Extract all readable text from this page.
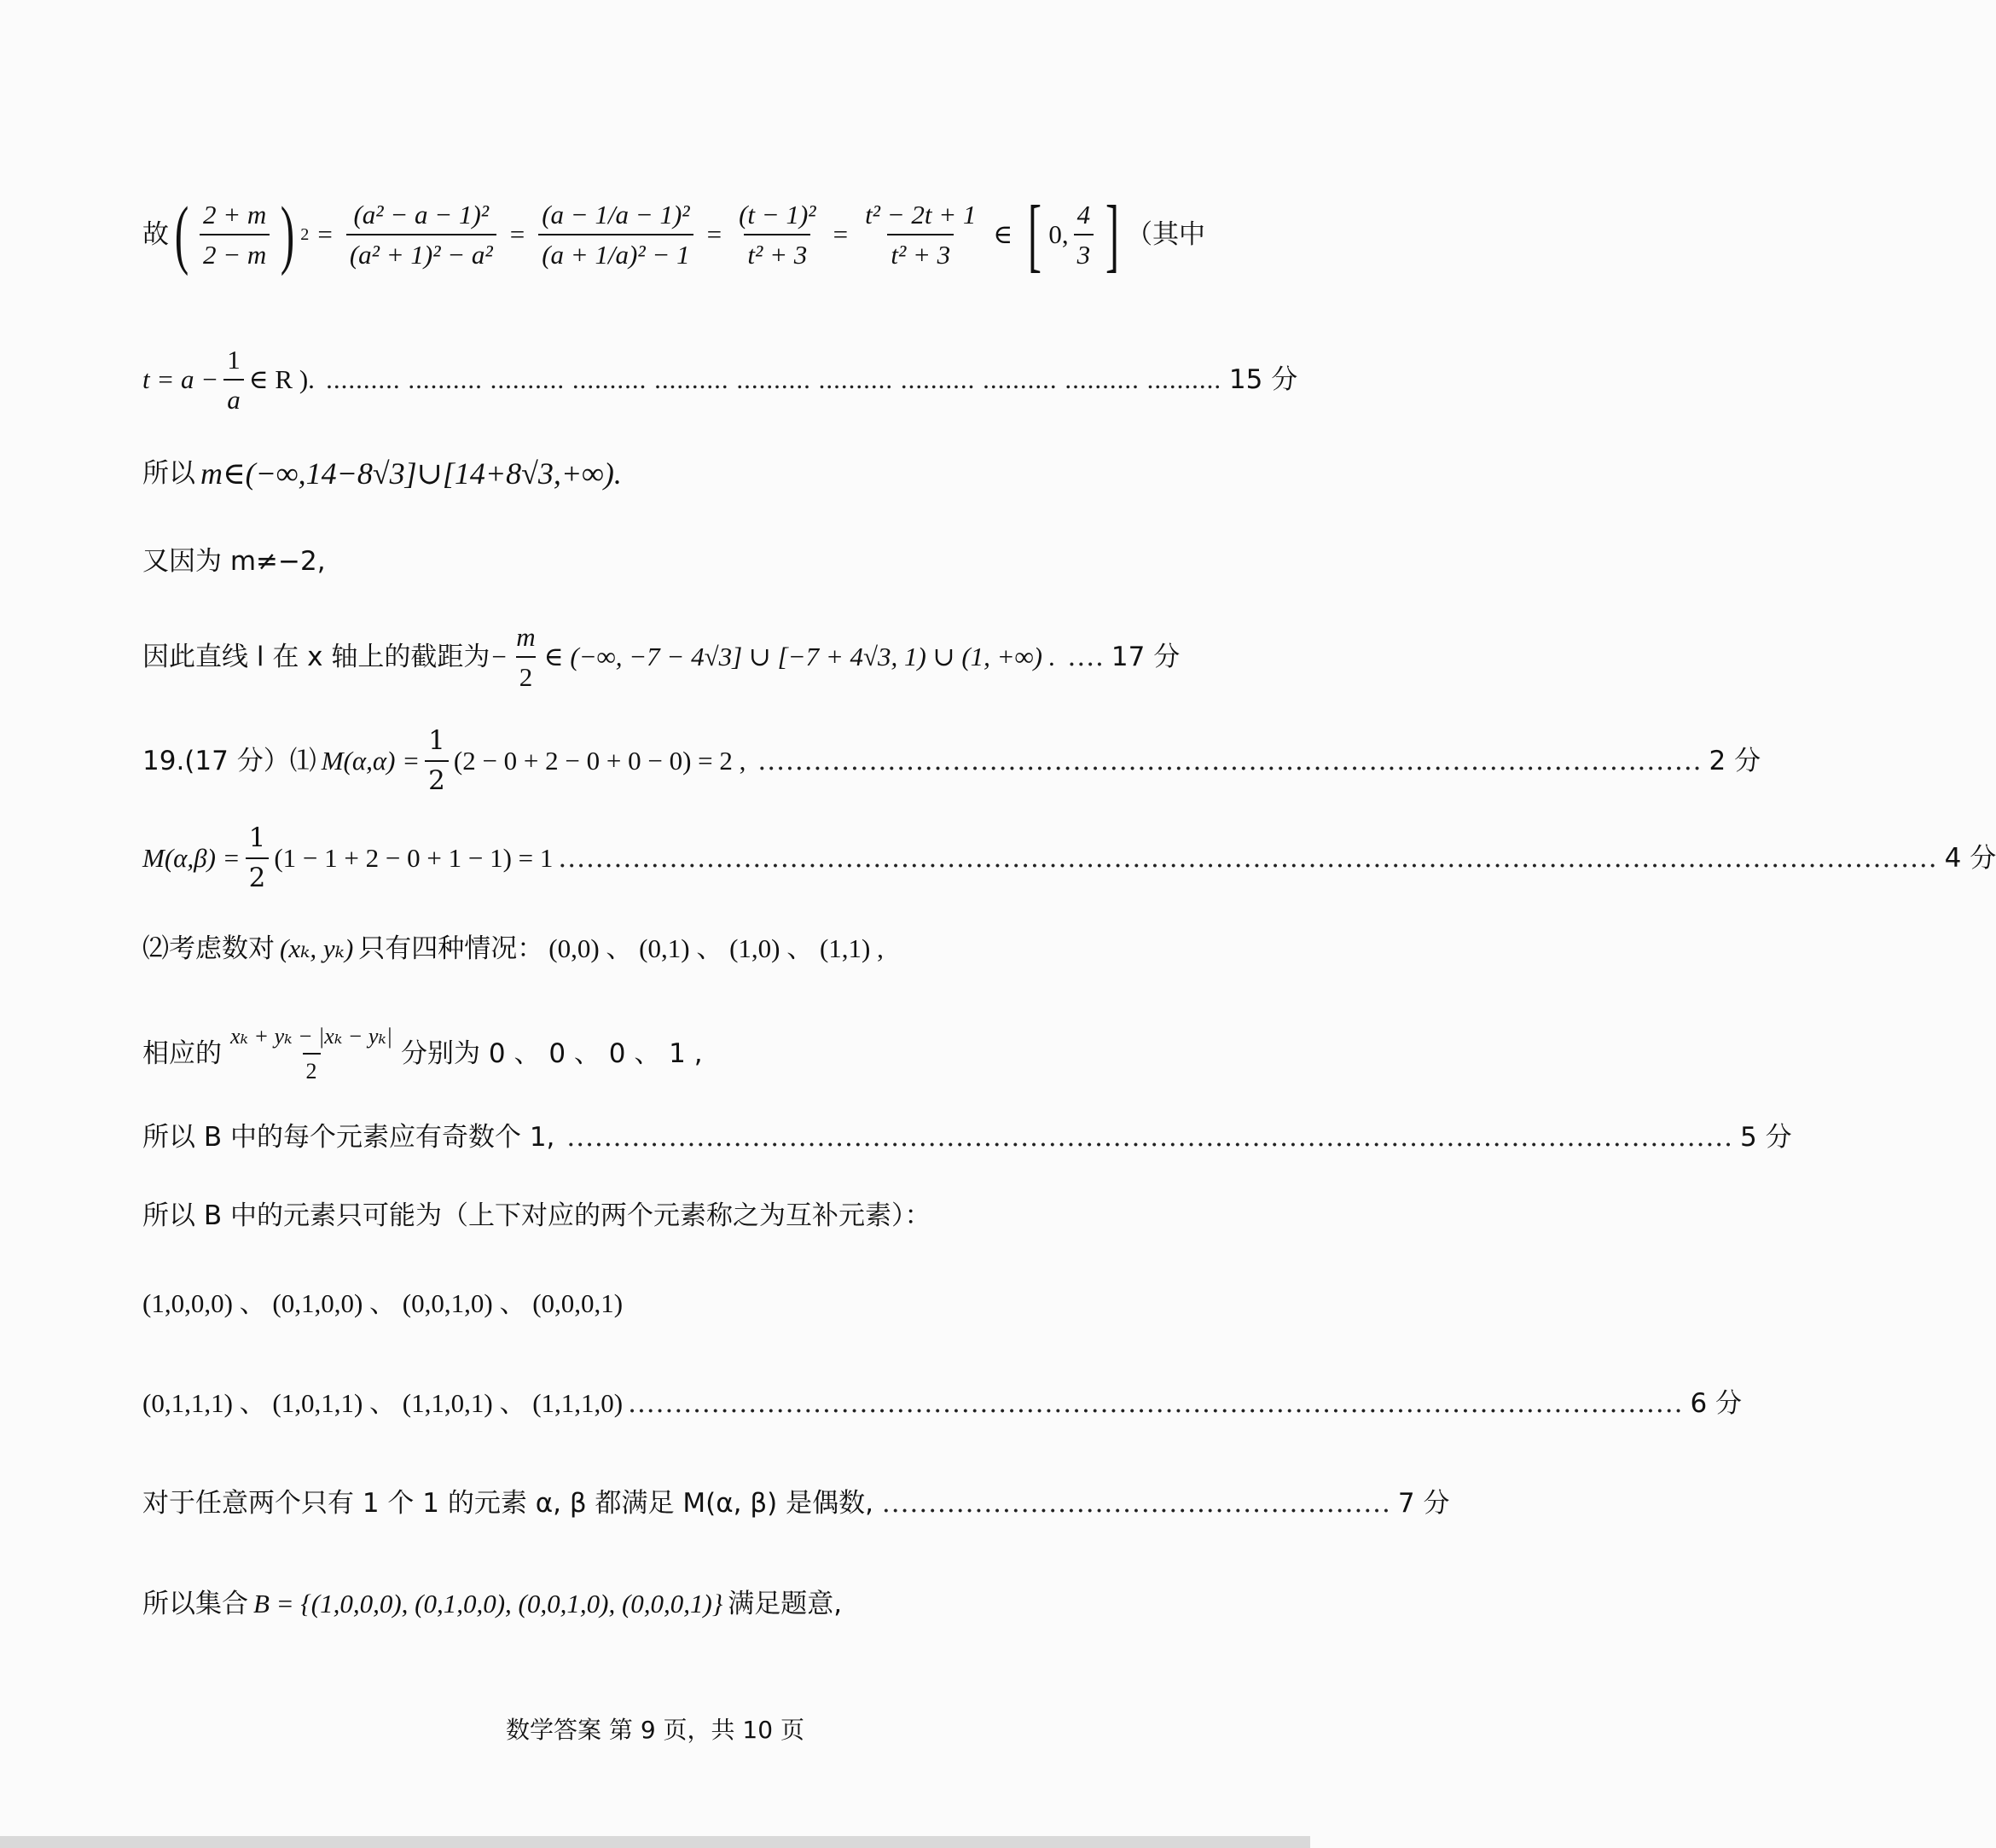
故 ( $\frac{2 + m}{2 - m}$ ) $2 = \frac{\text{(a² − a − 1)²}}{\text{(a² + 1)² − a²}} = \frac{\text{(a − 1/a − 1)²}}{\text{(a + 1/a)² − 1}} = \frac{\text{(t − 1)²}}{\text{t² + 3}} = \frac{\text{t² − 2t + 1}}{\text{t² + 3}}$ ∈ [ 0, $\frac{4}{3}$ ] （其中
$t = a - \frac{1}{a}$ ∈ R ). .......... .......... .......... .......... .......... .......... .......... .......... .......... .......... .......... 15 分
所以 m∈(−∞,14−8√3]∪[14+8√3,+∞).
又因为 m≠−2,
因此直线 l 在 x 轴上的截距为 − $\frac{m}{2}$ ∈ (−∞, −7 − 4√3] ∪ [−7 + 4√3, 1) ∪ (1, +∞) . .... 17 分
19.(17 分）⑴ $M(\alpha,\alpha) = \frac{1}{2} (2 - 0 + 2 - 0 + 0 - 0) = 2$ , ...................................................................................................... 2 分
$M(\alpha,\beta) = \frac{1}{2} (1 - 1 + 2 - 0 + 1 - 1) = 1$ ..................................................................................................................................................... 4 分
⑵考虑数对 (xₖ, yₖ) 只有四种情况： (0,0) 、 (0,1) 、 (1,0) 、 (1,1) ,
相应的 $\frac{\text{xₖ + yₖ − |xₖ − yₖ|}}{2}$ 分别为 0 、 0 、 0 、 1 ,
所以 B 中的每个元素应有奇数个 1, .............................................................................................................................. 5 分
所以 B 中的元素只可能为（上下对应的两个元素称之为互补元素）：
(1,0,0,0) 、 (0,1,0,0) 、 (0,0,1,0) 、 (0,0,0,1)
(0,1,1,1) 、 (1,0,1,1) 、 (1,1,0,1) 、 (1,1,1,0) .................................................................................................................. 6 分
对于任意两个只有 1 个 1 的元素 α, β 都满足 M(α, β) 是偶数, ....................................................... 7 分
所以集合 B = {(1,0,0,0), (0,1,0,0), (0,0,1,0), (0,0,0,1)} 满足题意,
数学答案 第 9 页，共 10 页
